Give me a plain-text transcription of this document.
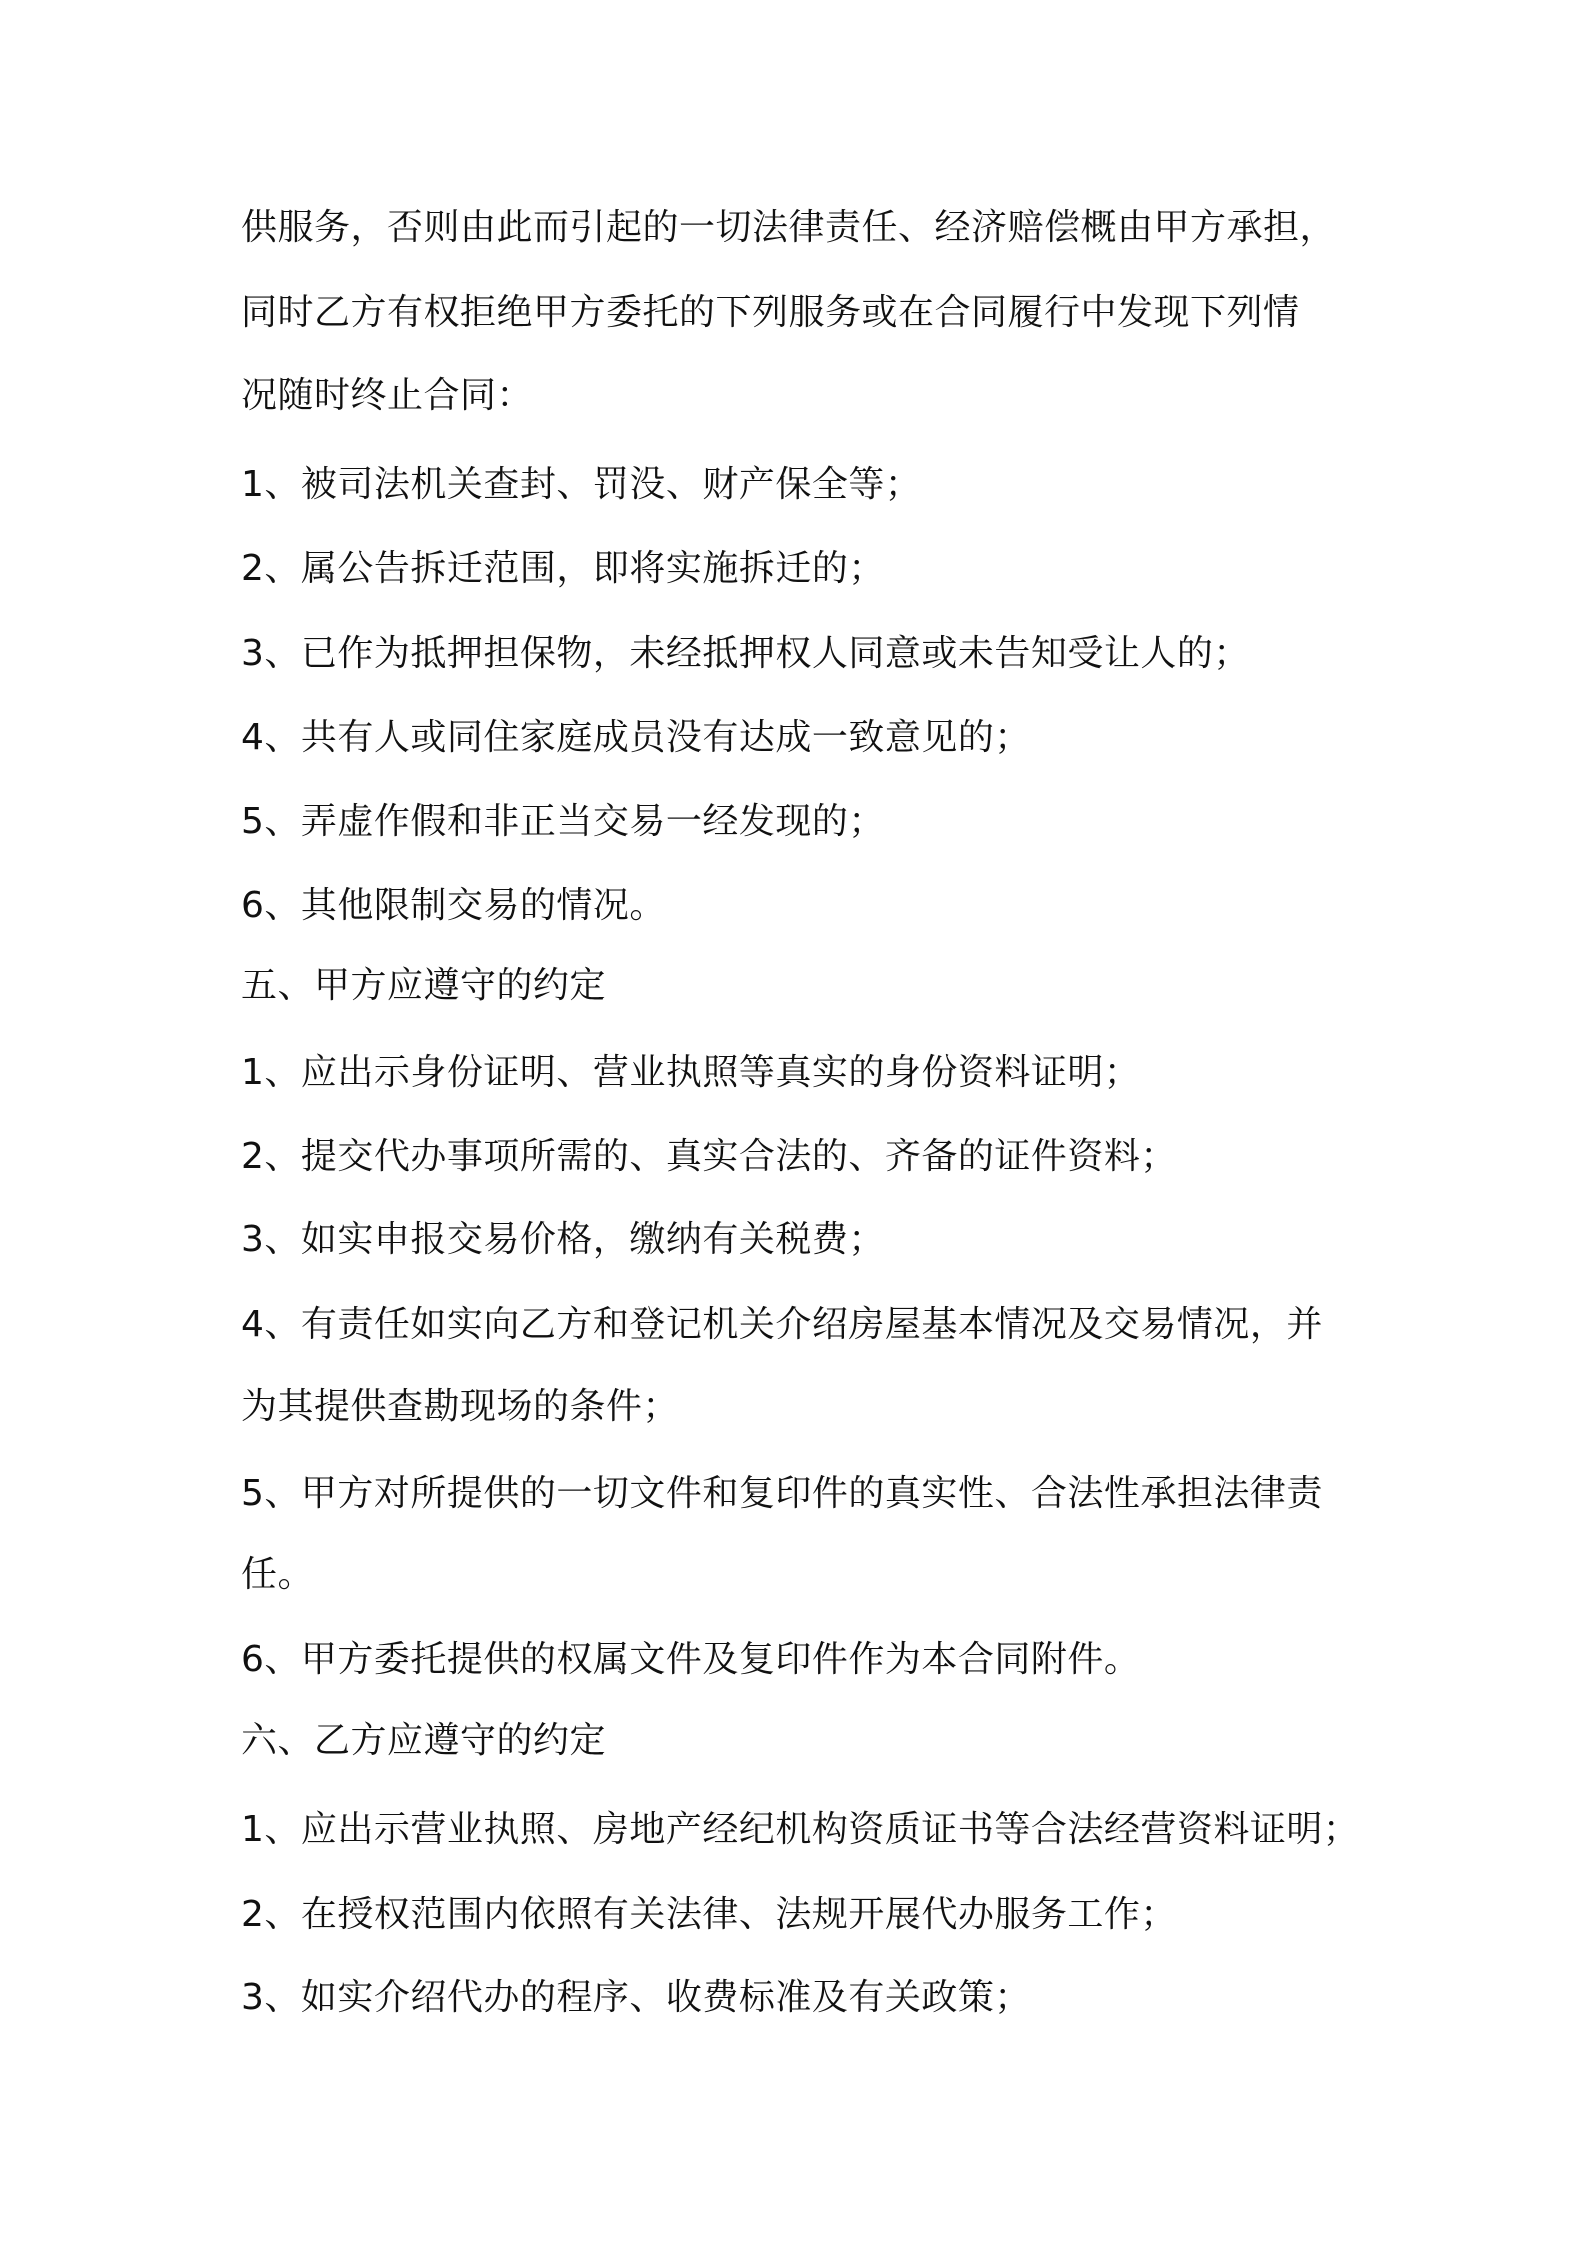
供服务，否则由此而引起的一切法律责任、经济赔偿概由甲方承担，
同时乙方有权拒绝甲方委托的下列服务或在合同履行中发现下列情
况随时终止合同：
1、被司法机关查封、罚没、财产保全等；
2、属公告拆迁范围，即将实施拆迁的；
3、已作为抵押担保物，未经抵押权人同意或未告知受让人的；
4、共有人或同住家庭成员没有达成一致意见的；
5、弄虚作假和非正当交易一经发现的；
6、其他限制交易的情况。
五、甲方应遵守的约定
1、应出示身份证明、营业执照等真实的身份资料证明；
2、提交代办事项所需的、真实合法的、齐备的证件资料；
3、如实申报交易价格，缴纳有关税费；
4、有责任如实向乙方和登记机关介绍房屋基本情况及交易情况，并
为其提供查勘现场的条件；
5、甲方对所提供的一切文件和复印件的真实性、合法性承担法律责
任。
6、甲方委托提供的权属文件及复印件作为本合同附件。
六、乙方应遵守的约定
1、应出示营业执照、房地产经纪机构资质证书等合法经营资料证明；
2、在授权范围内依照有关法律、法规开展代办服务工作；
3、如实介绍代办的程序、收费标准及有关政策；
